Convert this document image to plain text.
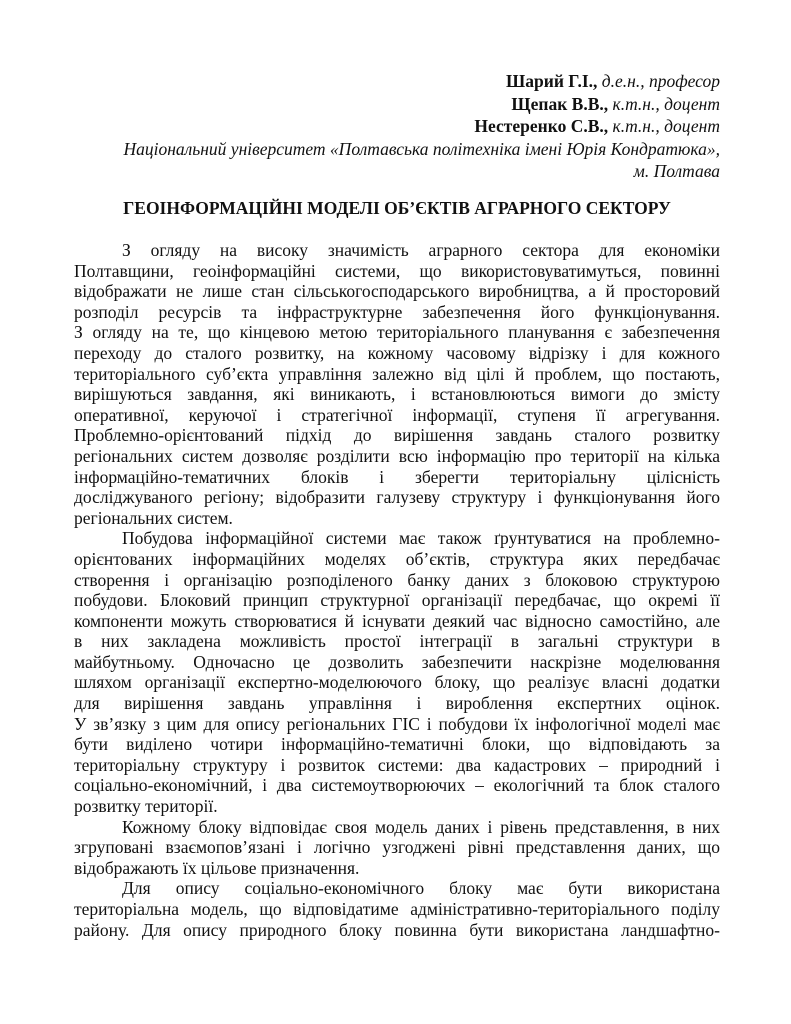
Шарий Г.І., д.е.н., професор
Щепак В.В., к.т.н., доцент
Нестеренко С.В., к.т.н., доцент
Національний університет «Полтавська політехніка імені Юрія Кондратюка»,
м. Полтава
ГЕОІНФОРМАЦІЙНІ МОДЕЛІ ОБ’ЄКТІВ АГРАРНОГО СЕКТОРУ
З огляду на високу значимість аграрного сектора для економіки
Полтавщини, геоінформаційні системи, що використовуватимуться, повинні
відображати не лише стан сільськогосподарського виробництва, а й просторовий
розподіл ресурсів та інфраструктурне забезпечення його функціонування.
З огляду на те, що кінцевою метою територіального планування є забезпечення
переходу до сталого розвитку, на кожному часовому відрізку і для кожного
територіального суб’єкта управління залежно від цілі й проблем, що постають,
вирішуються завдання, які виникають, і встановлюються вимоги до змісту
оперативної, керуючої і стратегічної інформації, ступеня її агрегування.
Проблемно-орієнтований підхід до вирішення завдань сталого розвитку
регіональних систем дозволяє розділити всю інформацію про території на кілька
інформаційно-тематичних блоків і зберегти територіальну цілісність
досліджуваного регіону; відобразити галузеву структуру і функціонування його
регіональних систем.
Побудова інформаційної системи має також ґрунтуватися на проблемно-
орієнтованих інформаційних моделях об’єктів, структура яких передбачає
створення і організацію розподіленого банку даних з блоковою структурою
побудови. Блоковий принцип структурної організації передбачає, що окремі її
компоненти можуть створюватися й існувати деякий час відносно самостійно, але
в них закладена можливість простої інтеграції в загальні структури в
майбутньому. Одночасно це дозволить забезпечити наскрізне моделювання
шляхом організації експертно-моделюючого блоку, що реалізує власні додатки
для вирішення завдань управління і вироблення експертних оцінок.
У зв’язку з цим для опису регіональних ГІС і побудови їх інфологічної моделі має
бути виділено чотири інформаційно-тематичні блоки, що відповідають за
територіальну структуру і розвиток системи: два кадастрових – природний і
соціально-економічний, і два системоутворюючих – екологічний та блок сталого
розвитку території.
Кожному блоку відповідає своя модель даних і рівень представлення, в них
згруповані взаємопов’язані і логічно узгоджені рівні представлення даних, що
відображають їх цільове призначення.
Для опису соціально-економічного блоку має бути використана
територіальна модель, що відповідатиме адміністративно-територіального поділу
району. Для опису природного блоку повинна бути використана ландшафтно-
